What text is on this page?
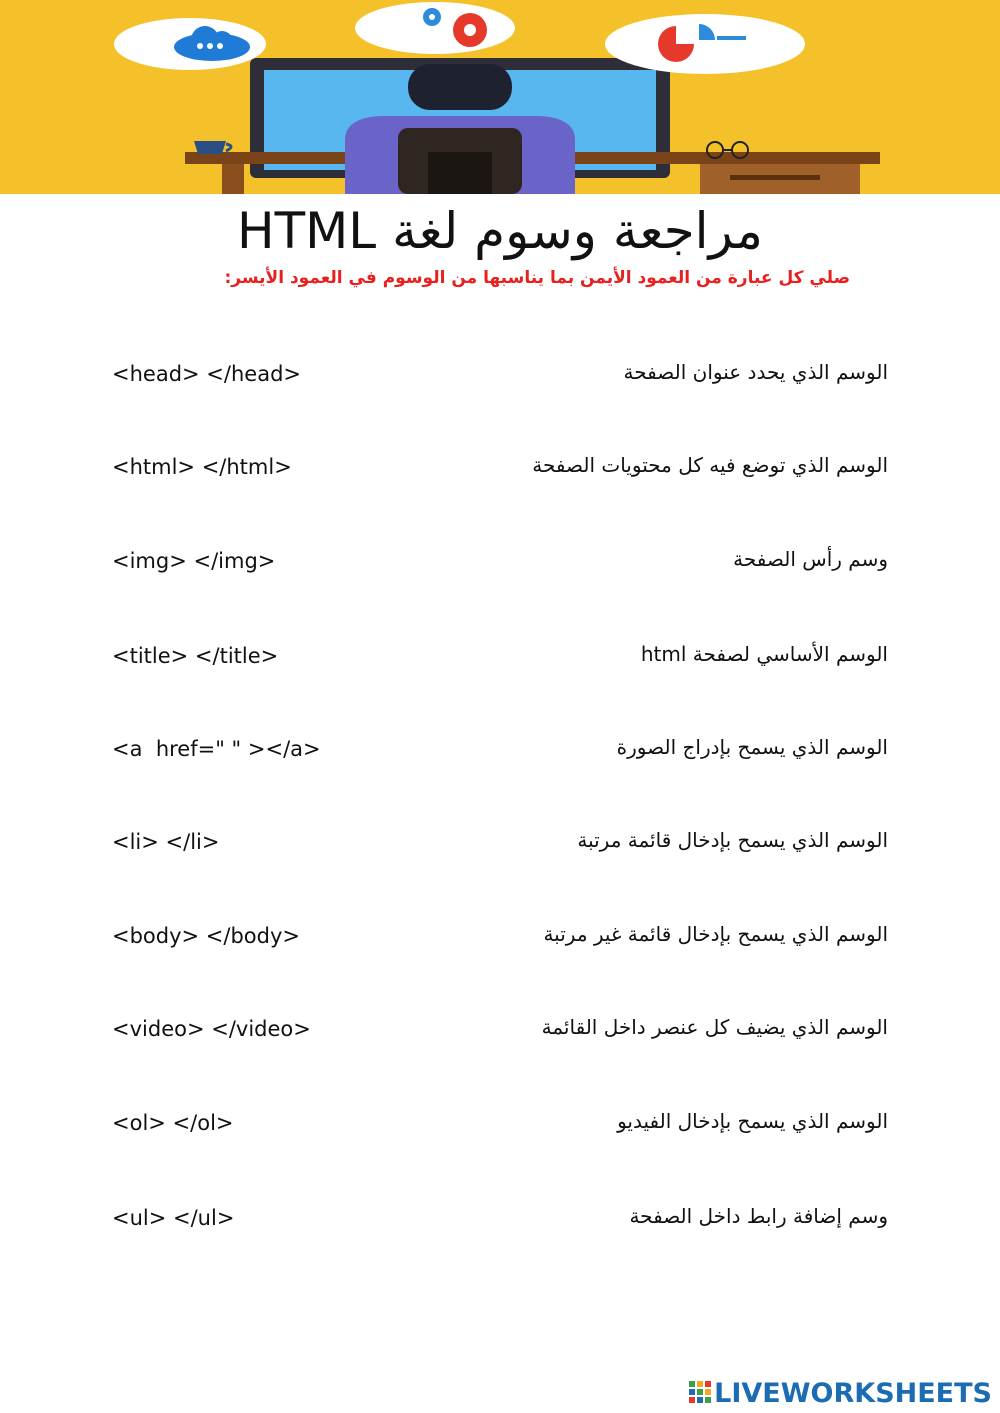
مراجعة وسوم لغة HTML
صلي كل عبارة من العمود الأيمن بما يناسبها من الوسوم في العمود الأيسر:
<head> </head>	الوسم الذي يحدد عنوان الصفحة
<html> </html>	الوسم الذي توضع فيه كل محتويات الصفحة
<img> </img>	وسم رأس الصفحة
<title> </title>	الوسم الأساسي لصفحة html
<a  href=" " ></a>	الوسم الذي يسمح بإدراج الصورة
<li> </li>	الوسم الذي يسمح بإدخال قائمة مرتبة
<body> </body>	الوسم الذي يسمح بإدخال قائمة غير مرتبة
<video> </video>	الوسم الذي يضيف كل عنصر داخل القائمة
<ol> </ol>	الوسم الذي يسمح بإدخال الفيديو
<ul> </ul>	وسم إضافة رابط داخل الصفحة
LIVEWORKSHEETS
